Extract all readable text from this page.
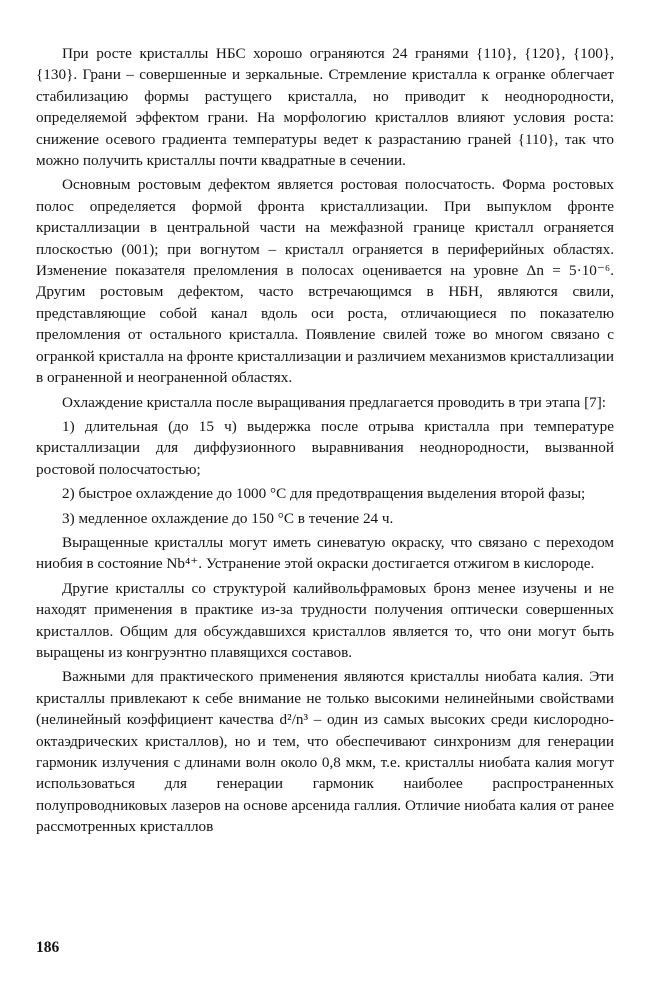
При росте кристаллы НБС хорошо ограняются 24 гранями {110}, {120}, {100}, {130}. Грани – совершенные и зеркальные. Стремление кристалла к огранке облегчает стабилизацию формы растущего кристалла, но приводит к неоднородности, определяемой эффектом грани. На морфологию кристаллов влияют условия роста: снижение осевого градиента температуры ведет к разрастанию граней {110}, так что можно получить кристаллы почти квадратные в сечении.

Основным ростовым дефектом является ростовая полосчатость. Форма ростовых полос определяется формой фронта кристаллизации. При выпуклом фронте кристаллизации в центральной части на межфазной границе кристалл ограняется плоскостью (001); при вогнутом – кристалл ограняется в периферийных областях. Изменение показателя преломления в полосах оценивается на уровне Δn = 5·10⁻⁶. Другим ростовым дефектом, часто встречающимся в НБН, являются свили, представляющие собой канал вдоль оси роста, отличающиеся по показателю преломления от остального кристалла. Появление свилей тоже во многом связано с огранкой кристалла на фронте кристаллизации и различием механизмов кристаллизации в ограненной и неограненной областях.

Охлаждение кристалла после выращивания предлагается проводить в три этапа [7]:

1) длительная (до 15 ч) выдержка после отрыва кристалла при температуре кристаллизации для диффузионного выравнивания неоднородности, вызванной ростовой полосчатостью;

2) быстрое охлаждение до 1000 °C для предотвращения выделения второй фазы;

3) медленное охлаждение до 150 °C в течение 24 ч.

Выращенные кристаллы могут иметь синеватую окраску, что связано с переходом ниобия в состояние Nb⁴⁺. Устранение этой окраски достигается отжигом в кислороде.

Другие кристаллы со структурой калийвольфрамовых бронз менее изучены и не находят применения в практике из-за трудности получения оптически совершенных кристаллов. Общим для обсуждавшихся кристаллов является то, что они могут быть выращены из конгруэнтно плавящихся составов.

Важными для практического применения являются кристаллы ниобата калия. Эти кристаллы привлекают к себе внимание не только высокими нелинейными свойствами (нелинейный коэффициент качества d²/n³ – один из самых высоких среди кислородно-октаэдрических кристаллов), но и тем, что обеспечивают синхронизм для генерации гармоник излучения с длинами волн около 0,8 мкм, т.е. кристаллы ниобата калия могут использоваться для генерации гармоник наиболее распространенных полупроводниковых лазеров на основе арсенида галлия. Отличие ниобата калия от ранее рассмотренных кристаллов

186
